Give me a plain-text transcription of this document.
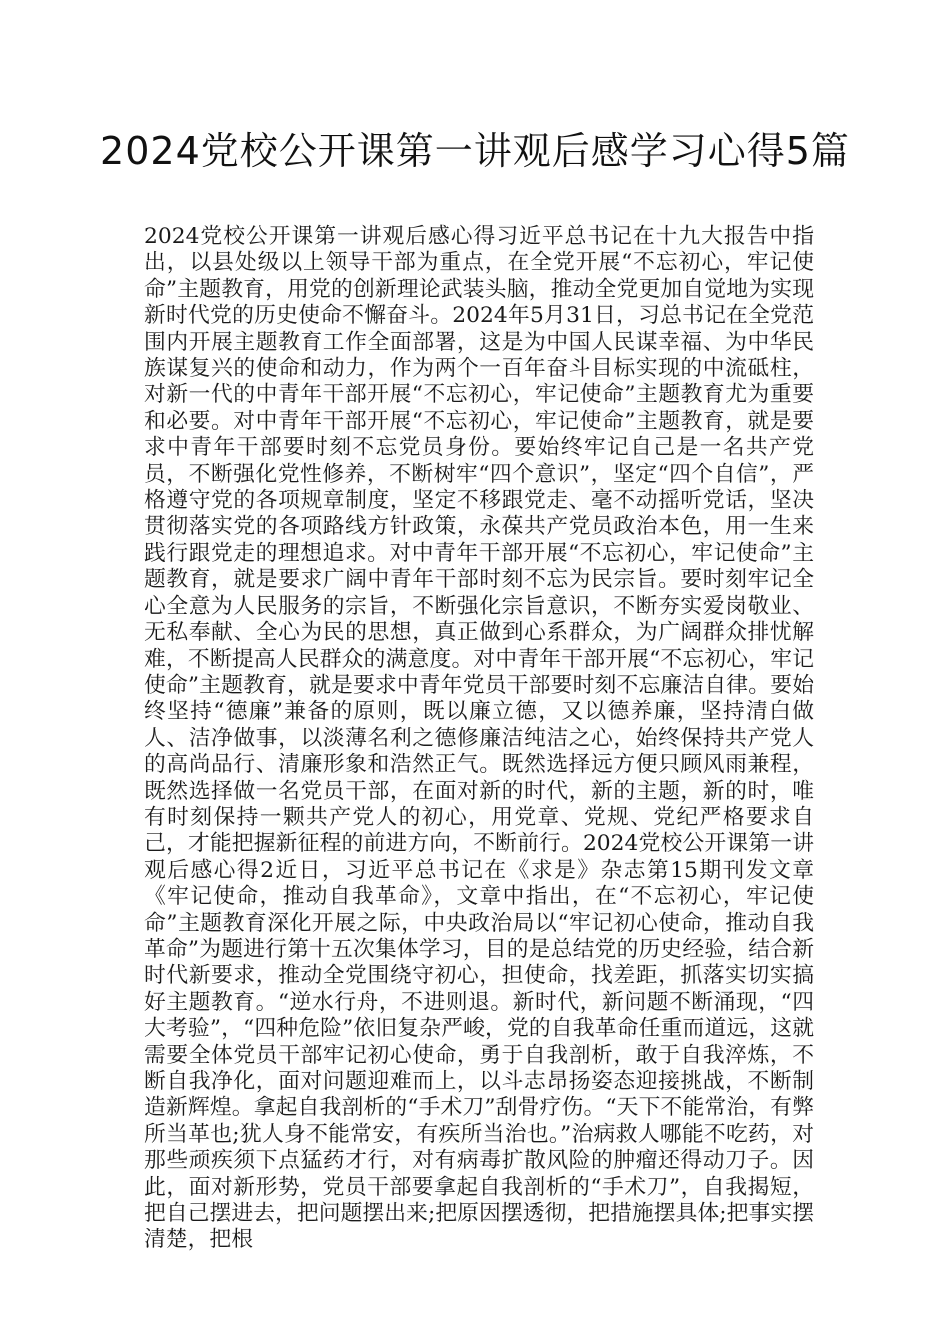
2024党校公开课第一讲观后感学习心得5篇

2024党校公开课第一讲观后感心得习近平总书记在十九大报告中指出，以县处级以上领导干部为重点，在全党开展“不忘初心，牢记使命”主题教育，用党的创新理论武装头脑，推动全党更加自觉地为实现新时代党的历史使命不懈奋斗。2024年5月31日，习总书记在全党范围内开展主题教育工作全面部署，这是为中国人民谋幸福、为中华民族谋复兴的使命和动力，作为两个一百年奋斗目标实现的中流砥柱，对新一代的中青年干部开展“不忘初心，牢记使命”主题教育尤为重要和必要。对中青年干部开展“不忘初心，牢记使命”主题教育，就是要求中青年干部要时刻不忘党员身份。要始终牢记自己是一名共产党员，不断强化党性修养，不断树牢“四个意识”，坚定“四个自信”，严格遵守党的各项规章制度，坚定不移跟党走、毫不动摇听党话，坚决贯彻落实党的各项路线方针政策，永葆共产党员政治本色，用一生来践行跟党走的理想追求。对中青年干部开展“不忘初心，牢记使命”主题教育，就是要求广阔中青年干部时刻不忘为民宗旨。要时刻牢记全心全意为人民服务的宗旨，不断强化宗旨意识，不断夯实爱岗敬业、无私奉献、全心为民的思想，真正做到心系群众，为广阔群众排忧解难，不断提高人民群众的满意度。对中青年干部开展“不忘初心，牢记使命”主题教育，就是要求中青年党员干部要时刻不忘廉洁自律。要始终坚持“德廉”兼备的原则，既以廉立德，又以德养廉，坚持清白做人、洁净做事，以淡薄名利之德修廉洁纯洁之心，始终保持共产党人的高尚品行、清廉形象和浩然正气。既然选择远方便只顾风雨兼程，既然选择做一名党员干部，在面对新的时代，新的主题，新的时，唯有时刻保持一颗共产党人的初心，用党章、党规、党纪严格要求自己，才能把握新征程的前进方向，不断前行。2024党校公开课第一讲观后感心得2近日，习近平总书记在《求是》杂志第15期刊发文章《牢记使命，推动自我革命》，文章中指出，在“不忘初心，牢记使命”主题教育深化开展之际，中央政治局以“牢记初心使命，推动自我革命”为题进行第十五次集体学习，目的是总结党的历史经验，结合新时代新要求，推动全党围绕守初心，担使命，找差距，抓落实切实搞好主题教育。“逆水行舟，不进则退。新时代，新问题不断涌现，“四大考验”，“四种危险”依旧复杂严峻，党的自我革命任重而道远，这就需要全体党员干部牢记初心使命，勇于自我剖析，敢于自我淬炼，不断自我净化，面对问题迎难而上，以斗志昂扬姿态迎接挑战，不断制造新辉煌。拿起自我剖析的“手术刀”刮骨疗伤。“天下不能常治，有弊所当革也;犹人身不能常安，有疾所当治也。”治病救人哪能不吃药，对那些顽疾须下点猛药才行，对有病毒扩散风险的肿瘤还得动刀子。因此，面对新形势，党员干部要拿起自我剖析的“手术刀”，自我揭短，把自己摆进去，把问题摆出来;把原因摆透彻，把措施摆具体;把事实摆清楚，把根
